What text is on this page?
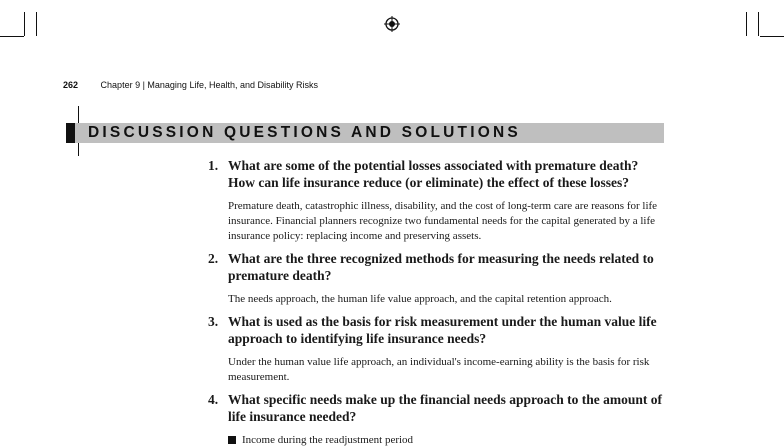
262	Chapter 9 | Managing Life, Health, and Disability Risks
DISCUSSION QUESTIONS AND SOLUTIONS
1. What are some of the potential losses associated with premature death? How can life insurance reduce (or eliminate) the effect of these losses?
Premature death, catastrophic illness, disability, and the cost of long-term care are reasons for life insurance. Financial planners recognize two fundamental needs for the capital generated by a life insurance policy: replacing income and preserving assets.
2. What are the three recognized methods for measuring the needs related to premature death?
The needs approach, the human life value approach, and the capital retention approach.
3. What is used as the basis for risk measurement under the human value life approach to identifying life insurance needs?
Under the human value life approach, an individual's income-earning ability is the basis for risk measurement.
4. What specific needs make up the financial needs approach to the amount of life insurance needed?
Income during the readjustment period
